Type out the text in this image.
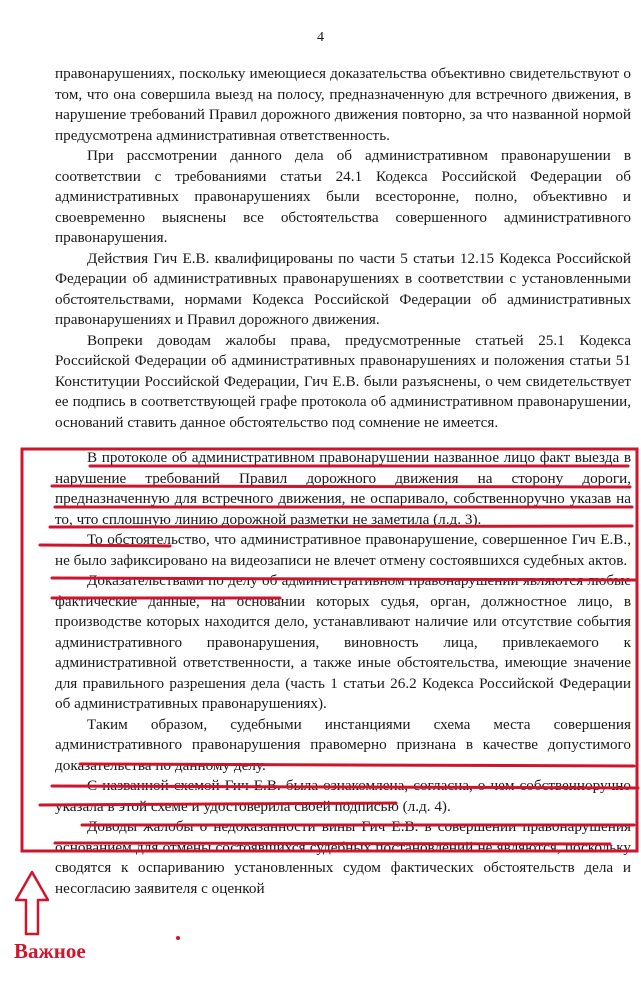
4

правонарушениях, поскольку имеющиеся доказательства объективно свидетельствуют о том, что она совершила выезд на полосу, предназначенную для встречного движения, в нарушение требований Правил дорожного движения повторно, за что названной нормой предусмотрена административная ответственность.

При рассмотрении данного дела об административном правонарушении в соответствии с требованиями статьи 24.1 Кодекса Российской Федерации об административных правонарушениях были всесторонне, полно, объективно и своевременно выяснены все обстоятельства совершенного административного правонарушения.

Действия Гич Е.В. квалифицированы по части 5 статьи 12.15 Кодекса Российской Федерации об административных правонарушениях в соответствии с установленными обстоятельствами, нормами Кодекса Российской Федерации об административных правонарушениях и Правил дорожного движения.

Вопреки доводам жалобы права, предусмотренные статьей 25.1 Кодекса Российской Федерации об административных правонарушениях и положения статьи 51 Конституции Российской Федерации, Гич Е.В. были разъяснены, о чем свидетельствует ее подпись в соответствующей графе протокола об административном правонарушении, оснований ставить данное обстоятельство под сомнение не имеется.

В протоколе об административном правонарушении названное лицо факт выезда в нарушение требований Правил дорожного движения на сторону дороги, предназначенную для встречного движения, не оспаривало, собственноручно указав на то, что сплошную линию дорожной разметки не заметила (л.д. 3).

То обстоятельство, что административное правонарушение, совершенное Гич Е.В., не было зафиксировано на видеозаписи не влечет отмену состоявшихся судебных актов.

Доказательствами по делу об административном правонарушении являются любые фактические данные, на основании которых судья, орган, должностное лицо, в производстве которых находится дело, устанавливают наличие или отсутствие события административного правонарушения, виновность лица, привлекаемого к административной ответственности, а также иные обстоятельства, имеющие значение для правильного разрешения дела (часть 1 статьи 26.2 Кодекса Российской Федерации об административных правонарушениях).

Таким образом, судебными инстанциями схема места совершения административного правонарушения правомерно признана в качестве допустимого доказательства по данному делу.

С названной схемой Гич Е.В. была ознакомлена, согласна, о чем собственноручно указала в этой схеме и удостоверила своей подписью (л.д. 4).

Доводы жалобы о недоказанности вины Гич Е.В. в совершении правонарушения основанием для отмены состоявшихся судебных постановлений не являются, поскольку сводятся к оспариванию установленных судом фактических обстоятельств дела и несогласию заявителя с оценкой

Важное
